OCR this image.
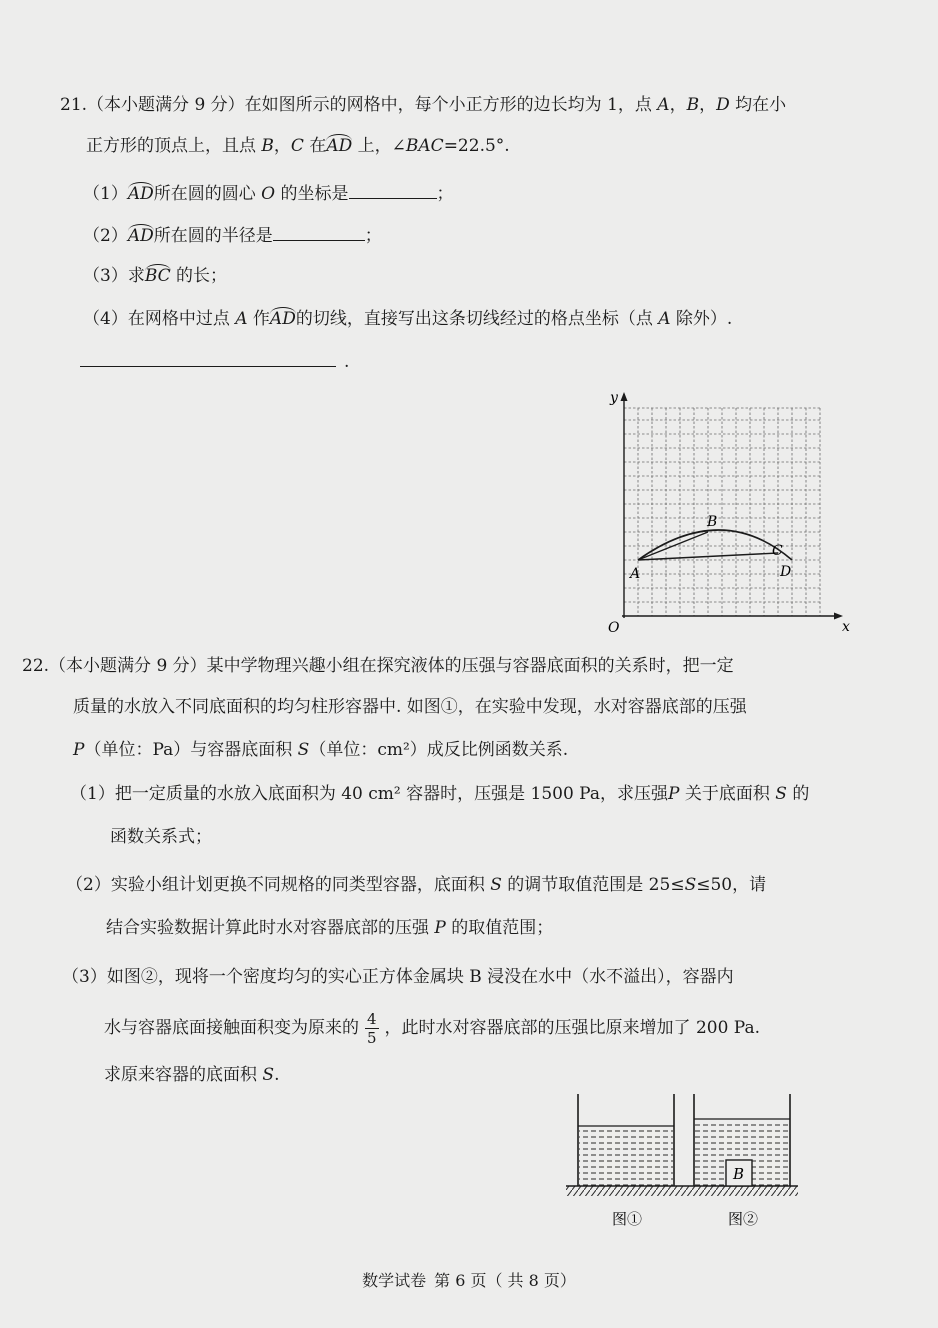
21.（本小题满分 9 分）在如图所示的网格中，每个小正方形的边长均为 1，点 A，B，D 均在小
正方形的顶点上，且点 B，C 在AD 上，∠BAC=22.5°.
（1）AD所在圆的圆心 O 的坐标是	；
（2）AD所在圆的半径是	；
（3）求BC 的长；
（4）在网格中过点 A 作AD的切线，直接写出这条切线经过的格点坐标（点 A 除外）.
.
y
x
O
A
B
C
D
22.（本小题满分 9 分）某中学物理兴趣小组在探究液体的压强与容器底面积的关系时，把一定
质量的水放入不同底面积的均匀柱形容器中. 如图①，在实验中发现，水对容器底部的压强
P（单位：Pa）与容器底面积 S（单位：cm²）成反比例函数关系.
（1）把一定质量的水放入底面积为 40 cm² 容器时，压强是 1500 Pa，求压强P 关于底面积 S 的
函数关系式；
（2）实验小组计划更换不同规格的同类型容器，底面积 S 的调节取值范围是 25≤S≤50，请
结合实验数据计算此时水对容器底部的压强 P 的取值范围；
（3）如图②，现将一个密度均匀的实心正方体金属块 B 浸没在水中（水不溢出），容器内
水与容器底面接触面积变为原来的 $\frac{4}{5}$ ，此时水对容器底部的压强比原来增加了 200 Pa.
求原来容器的底面积 S.
B
图①	图②
数学试卷 第 6 页（ 共 8 页）
